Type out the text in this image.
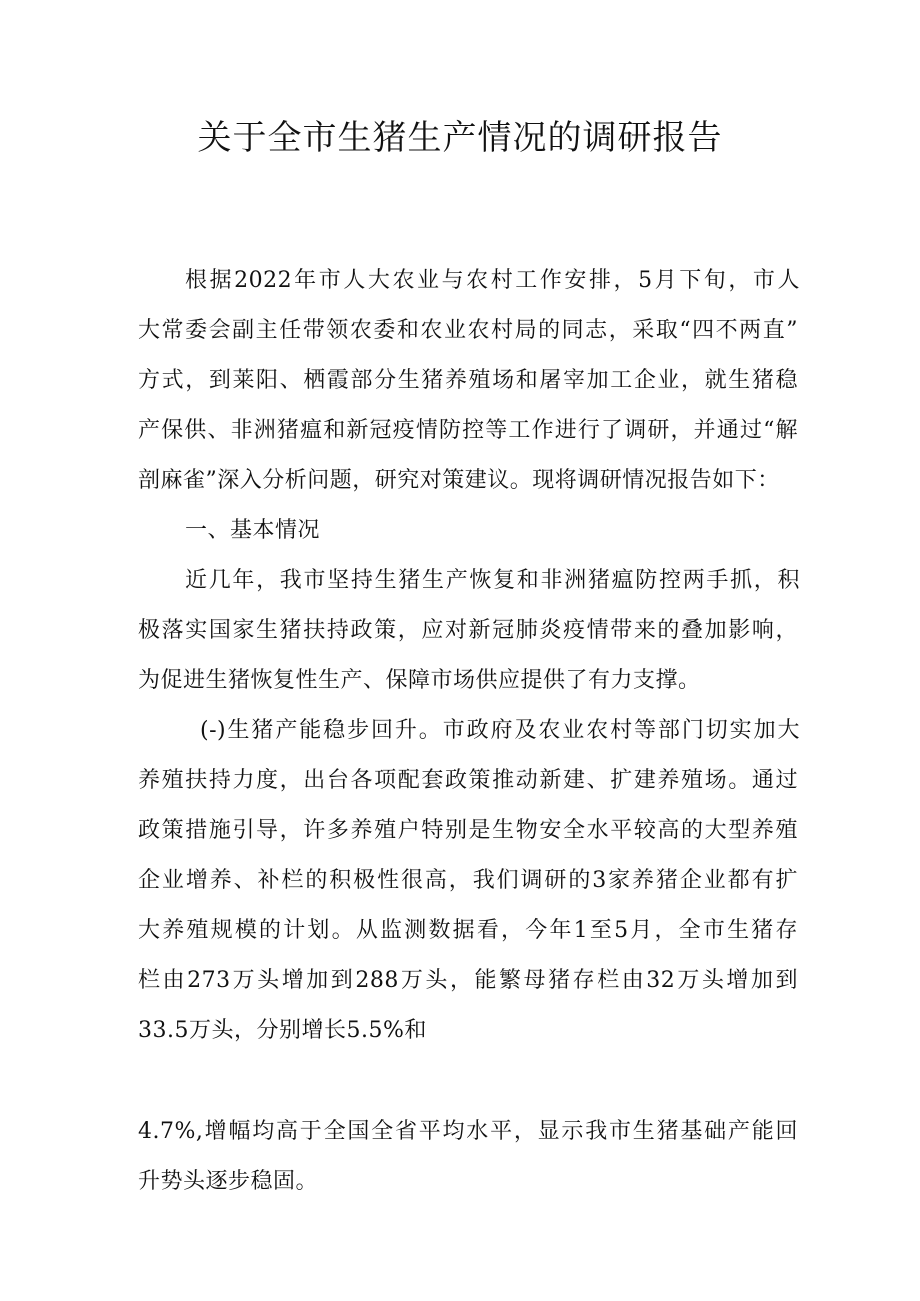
关于全市生猪生产情况的调研报告
根据2022年市人大农业与农村工作安排，5月下旬，市人
大常委会副主任带领农委和农业农村局的同志，采取“四不两直”
方式，到莱阳、栖霞部分生猪养殖场和屠宰加工企业，就生猪稳
产保供、非洲猪瘟和新冠疫情防控等工作进行了调研，并通过“解
剖麻雀”深入分析问题，研究对策建议。现将调研情况报告如下：
一、基本情况
近几年，我市坚持生猪生产恢复和非洲猪瘟防控两手抓，积
极落实国家生猪扶持政策，应对新冠肺炎疫情带来的叠加影响，
为促进生猪恢复性生产、保障市场供应提供了有力支撑。
(-)生猪产能稳步回升。市政府及农业农村等部门切实加大
养殖扶持力度，出台各项配套政策推动新建、扩建养殖场。通过
政策措施引导，许多养殖户特别是生物安全水平较高的大型养殖
企业增养、补栏的积极性很高，我们调研的3家养猪企业都有扩
大养殖规模的计划。从监测数据看，今年1至5月，全市生猪存
栏由273万头增加到288万头，能繁母猪存栏由32万头增加到
33.5万头，分别增长5.5%和
4.7%,增幅均高于全国全省平均水平，显示我市生猪基础产能回
升势头逐步稳固。
